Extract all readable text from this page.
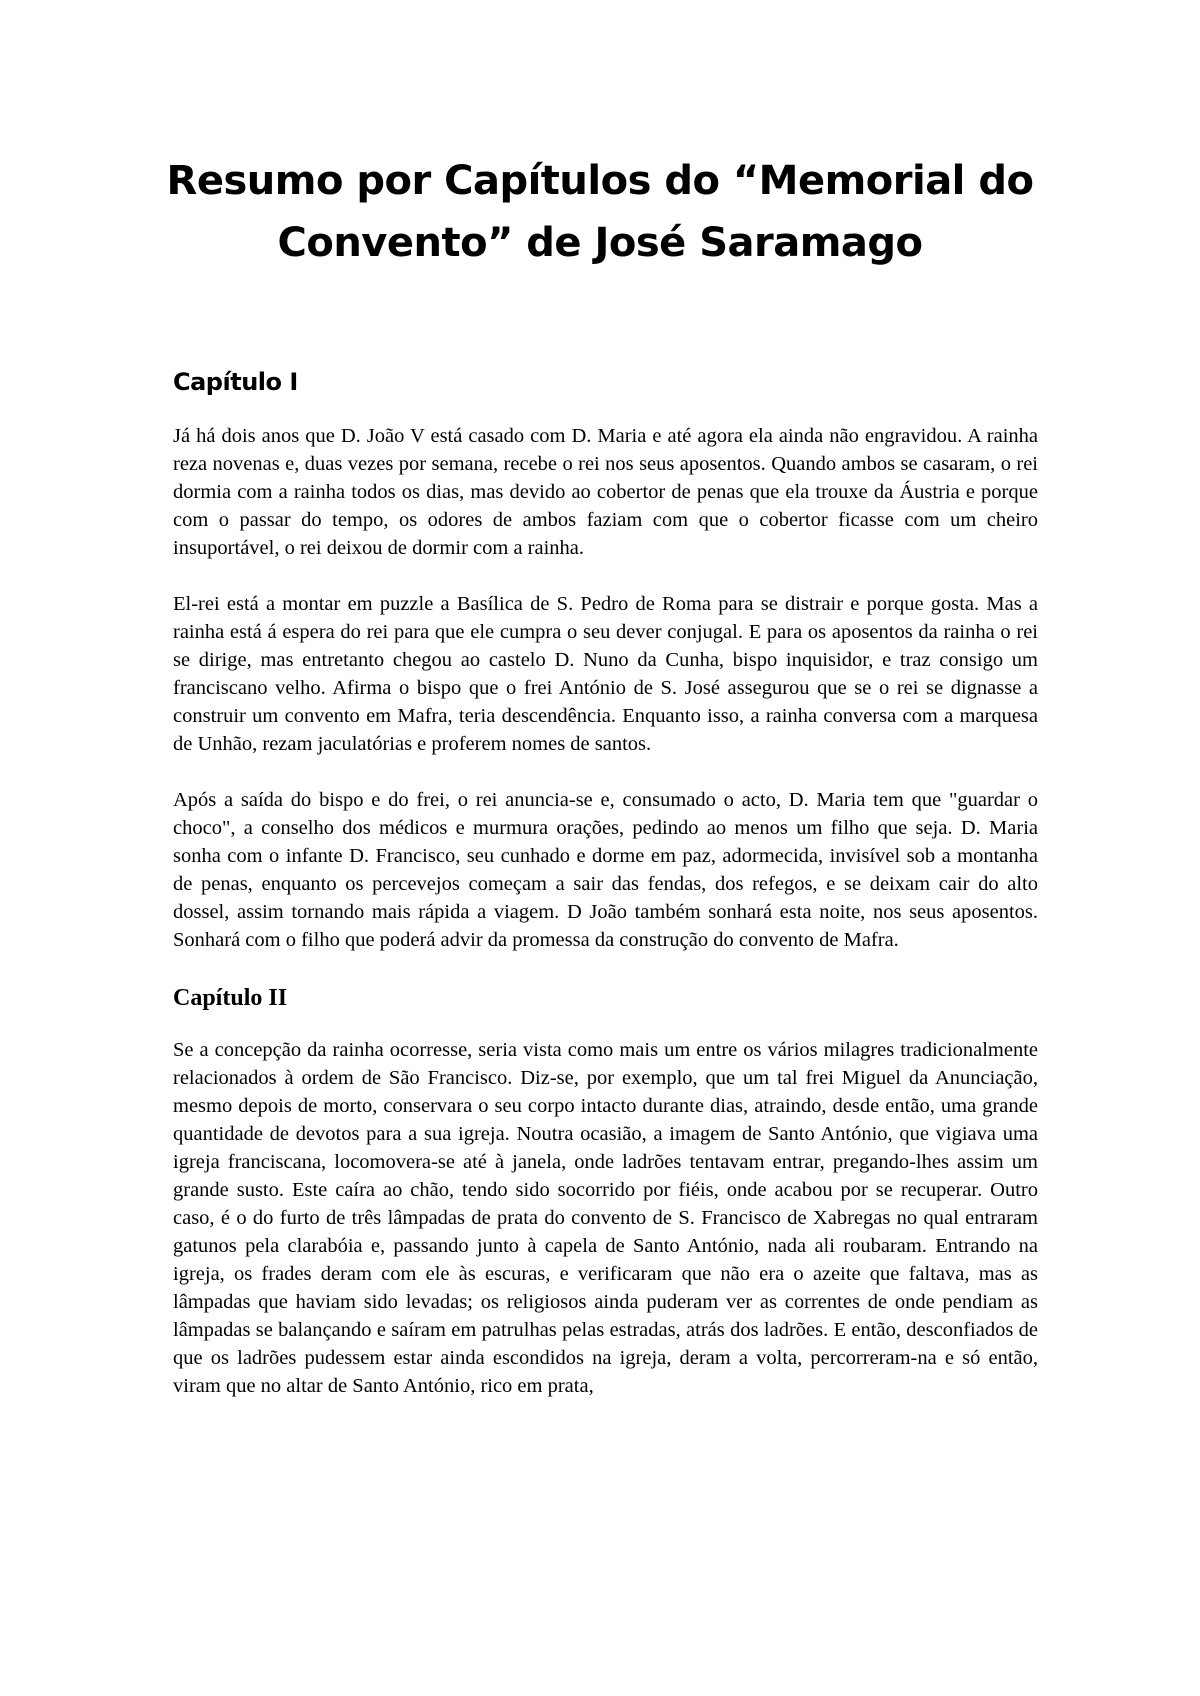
Resumo por Capítulos do “Memorial do
Convento” de José Saramago
Capítulo I

Já há dois anos que D. João V está casado com D. Maria e até agora ela ainda não engravidou. A rainha reza novenas e, duas vezes por semana, recebe o rei nos seus aposentos. Quando ambos se casaram, o rei dormia com a rainha todos os dias, mas devido ao cobertor de penas que ela trouxe da Áustria e porque com o passar do tempo, os odores de ambos faziam com que o cobertor ficasse com um cheiro insuportável, o rei deixou de dormir com a rainha.

El-rei está a montar em puzzle a Basílica de S. Pedro de Roma para se distrair e porque gosta. Mas a rainha está á espera do rei para que ele cumpra o seu dever conjugal. E para os aposentos da rainha o rei se dirige, mas entretanto chegou ao castelo D. Nuno da Cunha, bispo inquisidor, e traz consigo um franciscano velho. Afirma o bispo que o frei António de S. José assegurou que se o rei se dignasse a construir um convento em Mafra, teria descendência. Enquanto isso, a rainha conversa com a marquesa de Unhão, rezam jaculatórias e proferem nomes de santos.

Após a saída do bispo e do frei, o rei anuncia-se e, consumado o acto, D. Maria tem que "guardar o choco", a conselho dos médicos e murmura orações, pedindo ao menos um filho que seja. D. Maria sonha com o infante D. Francisco, seu cunhado e dorme em paz, adormecida, invisível sob a montanha de penas, enquanto os percevejos começam a sair das fendas, dos refegos, e se deixam cair do alto dossel, assim tornando mais rápida a viagem. D João também sonhará esta noite, nos seus aposentos. Sonhará com o filho que poderá advir da promessa da construção do convento de Mafra.

Capítulo II

Se a concepção da rainha ocorresse, seria vista como mais um entre os vários milagres tradicionalmente relacionados à ordem de São Francisco. Diz-se, por exemplo, que um tal frei Miguel da Anunciação, mesmo depois de morto, conservara o seu corpo intacto durante dias, atraindo, desde então, uma grande quantidade de devotos para a sua igreja. Noutra ocasião, a imagem de Santo António, que vigiava uma igreja franciscana, locomovera-se até à janela, onde ladrões tentavam entrar, pregando-lhes assim um grande susto. Este caíra ao chão, tendo sido socorrido por fiéis, onde acabou por se recuperar. Outro caso, é o do furto de três lâmpadas de prata do convento de S. Francisco de Xabregas no qual entraram gatunos pela clarabóia e, passando junto à capela de Santo António, nada ali roubaram. Entrando na igreja, os frades deram com ele às escuras, e verificaram que não era o azeite que faltava, mas as lâmpadas que haviam sido levadas; os religiosos ainda puderam ver as correntes de onde pendiam as lâmpadas se balançando e saíram em patrulhas pelas estradas, atrás dos ladrões. E então, desconfiados de que os ladrões pudessem estar ainda escondidos na igreja, deram a volta, percorreram-na e só então, viram que no altar de Santo António, rico em prata,
